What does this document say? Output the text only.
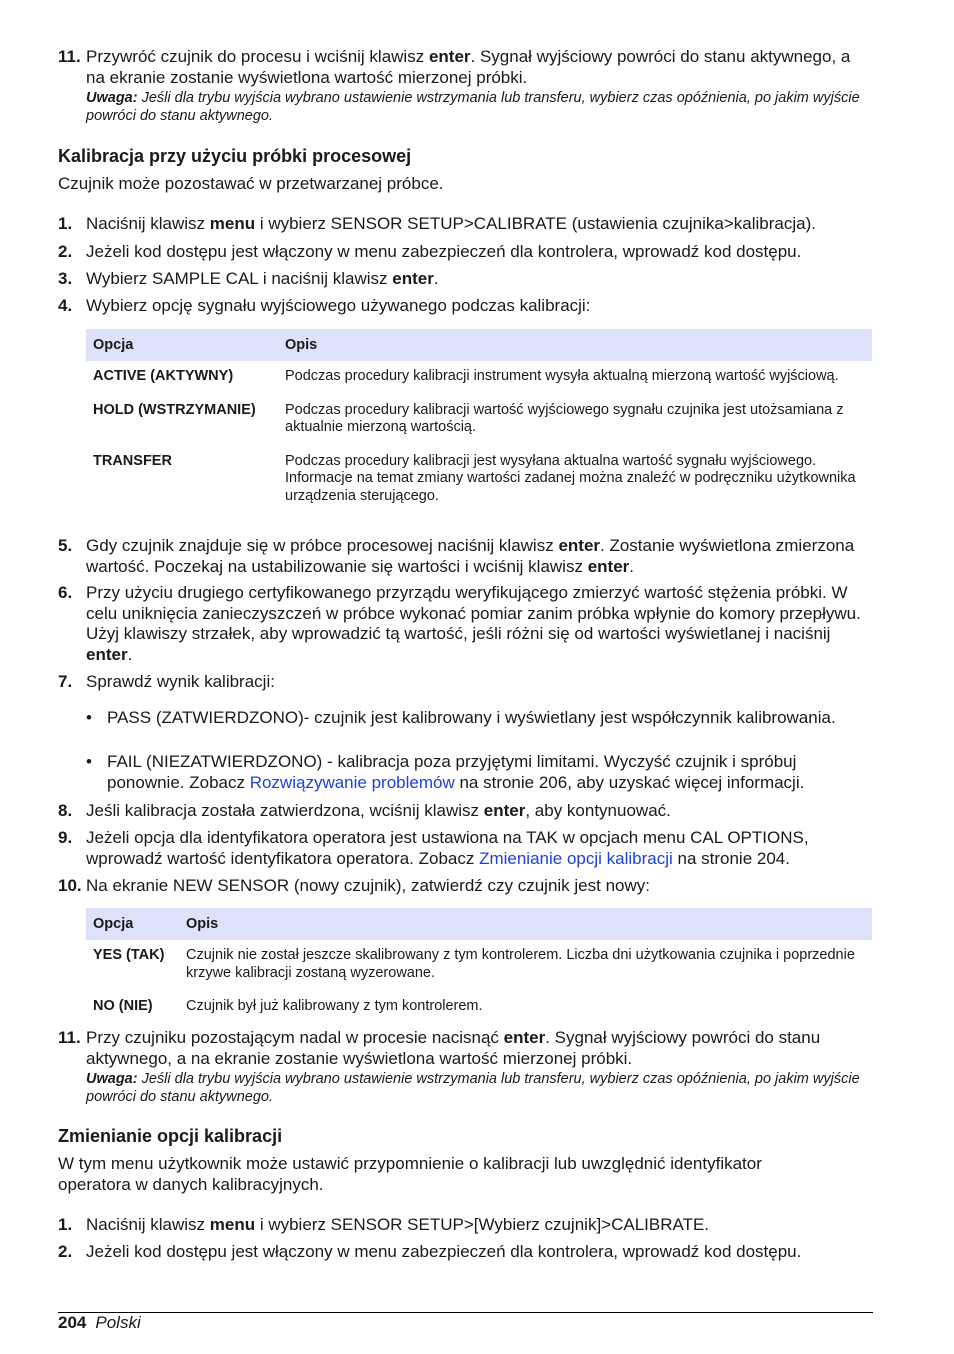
11. Przywróć czujnik do procesu i wciśnij klawisz enter. Sygnał wyjściowy powróci do stanu aktywnego, a na ekranie zostanie wyświetlona wartość mierzonej próbki.
Uwaga: Jeśli dla trybu wyjścia wybrano ustawienie wstrzymania lub transferu, wybierz czas opóźnienia, po jakim wyjście powróci do stanu aktywnego.
Kalibracja przy użyciu próbki procesowej
Czujnik może pozostawać w przetwarzanej próbce.
1. Naciśnij klawisz menu i wybierz SENSOR SETUP>CALIBRATE (ustawienia czujnika>kalibracja).
2. Jeżeli kod dostępu jest włączony w menu zabezpieczeń dla kontrolera, wprowadź kod dostępu.
3. Wybierz SAMPLE CAL i naciśnij klawisz enter.
4. Wybierz opcję sygnału wyjściowego używanego podczas kalibracji:
Opcja	Opis
ACTIVE (AKTYWNY)	Podczas procedury kalibracji instrument wysyła aktualną mierzoną wartość wyjściową.
HOLD (WSTRZYMANIE)	Podczas procedury kalibracji wartość wyjściowego sygnału czujnika jest utożsamiana z aktualnie mierzoną wartością.
TRANSFER	Podczas procedury kalibracji jest wysyłana aktualna wartość sygnału wyjściowego. Informacje na temat zmiany wartości zadanej można znaleźć w podręczniku użytkownika urządzenia sterującego.
5. Gdy czujnik znajduje się w próbce procesowej naciśnij klawisz enter. Zostanie wyświetlona zmierzona wartość. Poczekaj na ustabilizowanie się wartości i wciśnij klawisz enter.
6. Przy użyciu drugiego certyfikowanego przyrządu weryfikującego zmierzyć wartość stężenia próbki. W celu uniknięcia zanieczyszczeń w próbce wykonać pomiar zanim próbka wpłynie do komory przepływu. Użyj klawiszy strzałek, aby wprowadzić tą wartość, jeśli różni się od wartości wyświetlanej i naciśnij enter.
7. Sprawdź wynik kalibracji:
• PASS (ZATWIERDZONO)- czujnik jest kalibrowany i wyświetlany jest współczynnik kalibrowania.
• FAIL (NIEZATWIERDZONO) - kalibracja poza przyjętymi limitami. Wyczyść czujnik i spróbuj ponownie. Zobacz Rozwiązywanie problemów na stronie 206, aby uzyskać więcej informacji.
8. Jeśli kalibracja została zatwierdzona, wciśnij klawisz enter, aby kontynuować.
9. Jeżeli opcja dla identyfikatora operatora jest ustawiona na TAK w opcjach menu CAL OPTIONS, wprowadź wartość identyfikatora operatora. Zobacz Zmienianie opcji kalibracji na stronie 204.
10. Na ekranie NEW SENSOR (nowy czujnik), zatwierdź czy czujnik jest nowy:
Opcja	Opis
YES (TAK)	Czujnik nie został jeszcze skalibrowany z tym kontrolerem. Liczba dni użytkowania czujnika i poprzednie krzywe kalibracji zostaną wyzerowane.
NO (NIE)	Czujnik był już kalibrowany z tym kontrolerem.
11. Przy czujniku pozostającym nadal w procesie nacisnąć enter. Sygnał wyjściowy powróci do stanu aktywnego, a na ekranie zostanie wyświetlona wartość mierzonej próbki.
Uwaga: Jeśli dla trybu wyjścia wybrano ustawienie wstrzymania lub transferu, wybierz czas opóźnienia, po jakim wyjście powróci do stanu aktywnego.
Zmienianie opcji kalibracji
W tym menu użytkownik może ustawić przypomnienie o kalibracji lub uwzględnić identyfikator operatora w danych kalibracyjnych.
1. Naciśnij klawisz menu i wybierz SENSOR SETUP>[Wybierz czujnik]>CALIBRATE.
2. Jeżeli kod dostępu jest włączony w menu zabezpieczeń dla kontrolera, wprowadź kod dostępu.
204 Polski
